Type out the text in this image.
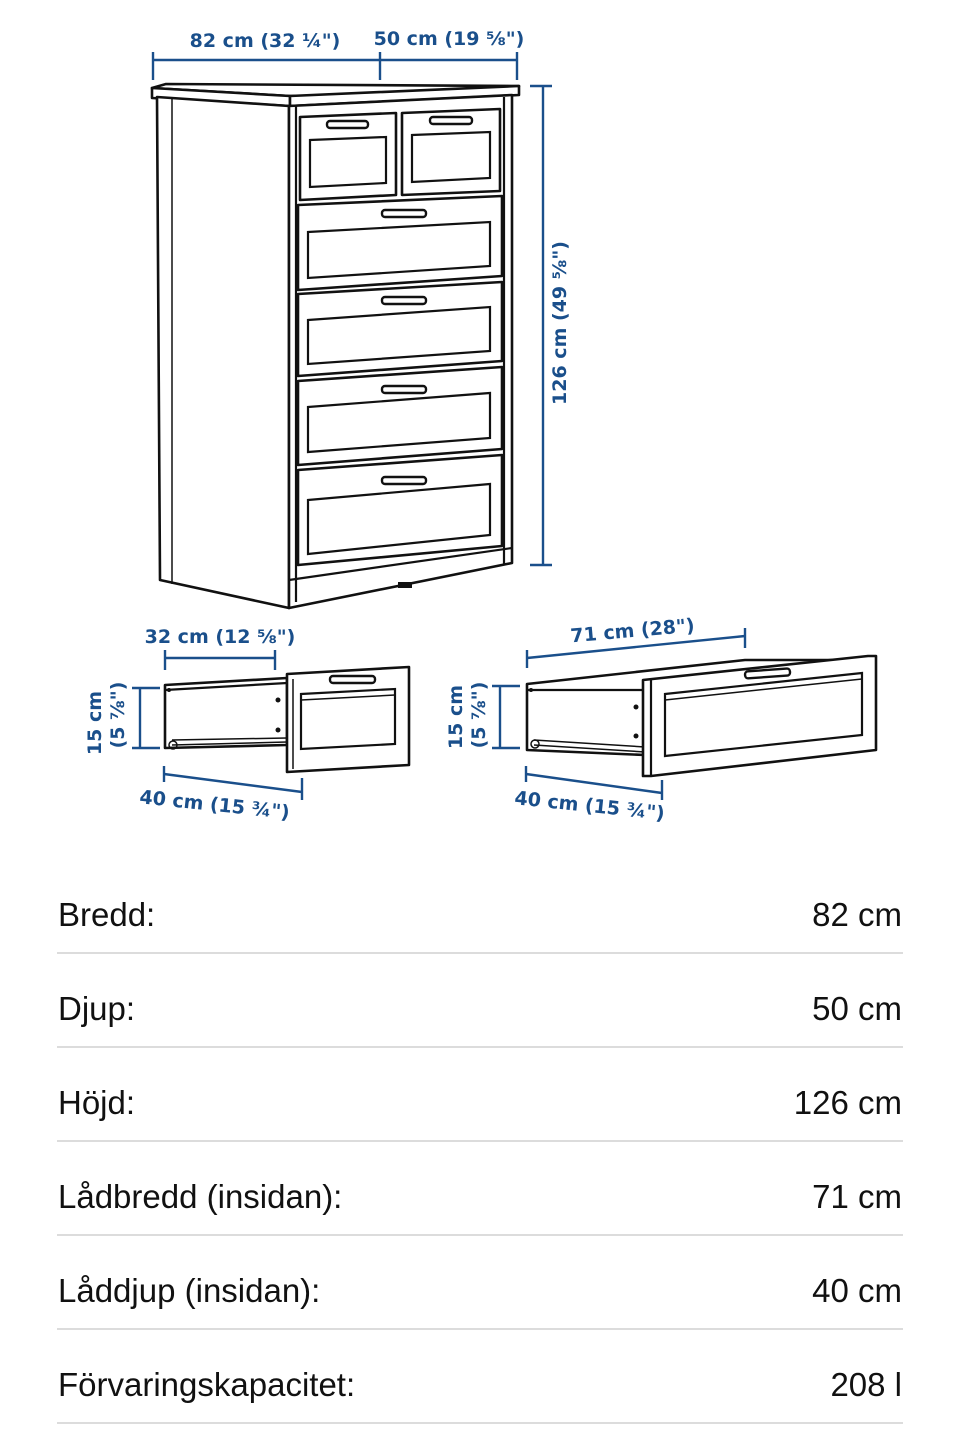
82 cm (32 ¼") 50 cm (19 ⅝")
126 cm (49 ⅝")
32 cm (12 ⅝")
15 cm (5 ⅞")
40 cm (15 ¾")
71 cm (28")
15 cm (5 ⅞")
40 cm (15 ¾")
Bredd:	82 cm
Djup:	50 cm
Höjd:	126 cm
Lådbredd (insidan):	71 cm
Låddjup (insidan):	40 cm
Förvaringskapacitet:	208 l
